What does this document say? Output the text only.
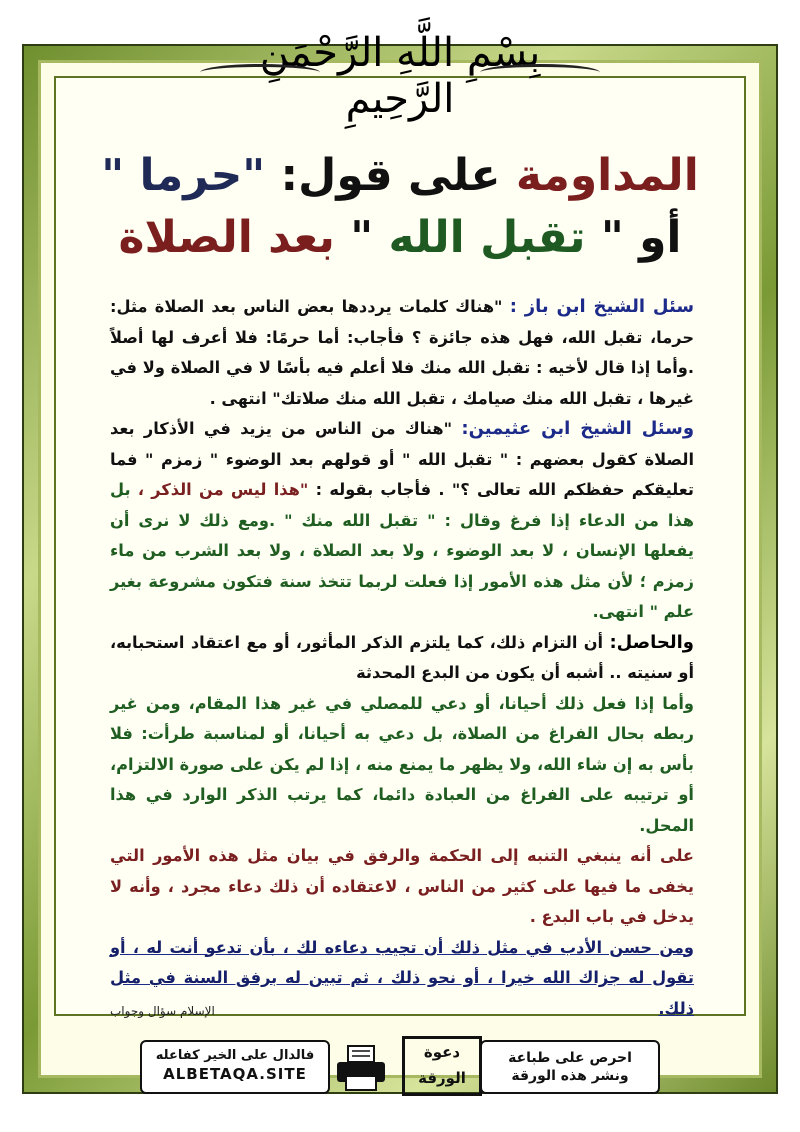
بِسْمِ اللَّهِ الرَّحْمَنِ الرَّحِيمِ
المداومة على قول: "حرما "
أو " تقبل الله " بعد الصلاة

سئل الشيخ ابن باز : "هناك كلمات يرددها بعض الناس بعد الصلاة مثل: حرما، تقبل الله، فهل هذه جائزة ؟ فأجاب: أما حرمًا: فلا أعرف لها أصلاً .وأما إذا قال لأخيه : تقبل الله منك فلا أعلم فيه بأسًا لا في الصلاة ولا في غيرها ، تقبل الله منك صيامك ، تقبل الله منك صلاتك" انتهى .

وسئل الشيخ ابن عثيمين: "هناك من الناس من يزيد في الأذكار بعد الصلاة كقول بعضهم : " تقبل الله " أو قولهم بعد الوضوء " زمزم " فما تعليقكم حفظكم الله تعالى ؟" . فأجاب بقوله : "هذا ليس من الذكر ، بل هذا من الدعاء إذا فرغ وقال : " تقبل الله منك " .ومع ذلك لا نرى أن يفعلها الإنسان ، لا بعد الوضوء ، ولا بعد الصلاة ، ولا بعد الشرب من ماء زمزم ؛ لأن مثل هذه الأمور إذا فعلت لربما تتخذ سنة فتكون مشروعة بغير علم " انتهى.

والحاصل: أن التزام ذلك، كما يلتزم الذكر المأثور، أو مع اعتقاد استحبابه، أو سنيته .. أشبه أن يكون من البدع المحدثة

وأما إذا فعل ذلك أحيانا، أو دعي للمصلي في غير هذا المقام، ومن غير ربطه بحال الفراغ من الصلاة، بل دعي به أحيانا، أو لمناسبة طرأت: فلا بأس به إن شاء الله، ولا يظهر ما يمنع منه ، إذا لم يكن على صورة الالتزام، أو ترتيبه على الفراغ من العبادة دائما، كما يرتب الذكر الوارد في هذا المحل.

على أنه ينبغي التنبه إلى الحكمة والرفق في بيان مثل هذه الأمور التي يخفى ما فيها على كثير من الناس ، لاعتقاده أن ذلك دعاء مجرد ، وأنه لا يدخل في باب البدع .

ومن حسن الأدب في مثل ذلك أن تجيب دعاءه لك ، بأن تدعو أنت له ، أو تقول له جزاك الله خيرا ، أو نحو ذلك ، ثم تبين له برفق السنة في مثل ذلك.

الإسلام سؤال وجواب
فالدال على الخير كفاعله
ALBETAQA.SITE
دعوة
الورقة
احرص على طباعة
ونشر هذه الورقة
